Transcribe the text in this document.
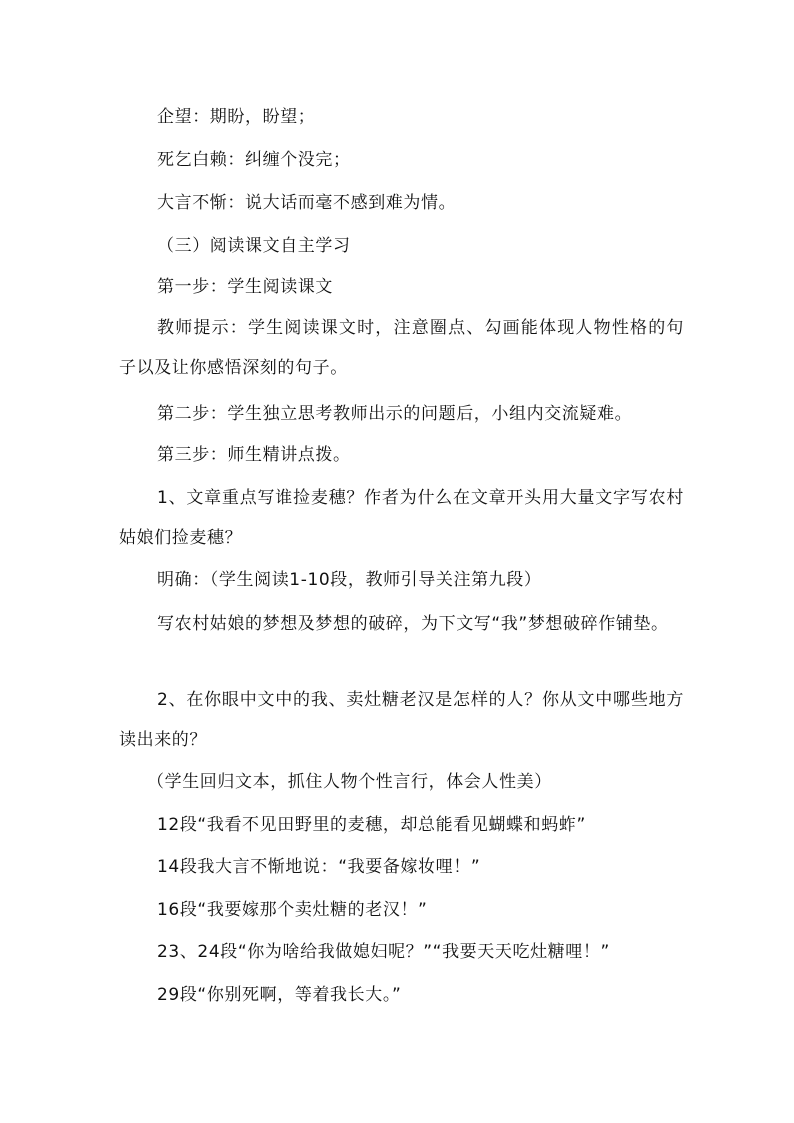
企望：期盼，盼望；
死乞白赖：纠缠个没完；
大言不惭：说大话而毫不感到难为情。
（三）阅读课文自主学习
第一步：学生阅读课文
教师提示：学生阅读课文时，注意圈点、勾画能体现人物性格的句子以及让你感悟深刻的句子。
第二步：学生独立思考教师出示的问题后，小组内交流疑难。
第三步：师生精讲点拨。
1、文章重点写谁捡麦穗？作者为什么在文章开头用大量文字写农村姑娘们捡麦穗？
明确：（学生阅读1-10段，教师引导关注第九段）
写农村姑娘的梦想及梦想的破碎，为下文写“我”梦想破碎作铺垫。
2、在你眼中文中的我、卖灶糖老汉是怎样的人？你从文中哪些地方读出来的？
（学生回归文本，抓住人物个性言行，体会人性美）
12段“我看不见田野里的麦穗，却总能看见蝴蝶和蚂蚱”
14段我大言不惭地说：“我要备嫁妆哩！”
16段“我要嫁那个卖灶糖的老汉！”
23、24段“你为啥给我做媳妇呢？”“我要天天吃灶糖哩！”
29段“你别死啊，等着我长大。”
